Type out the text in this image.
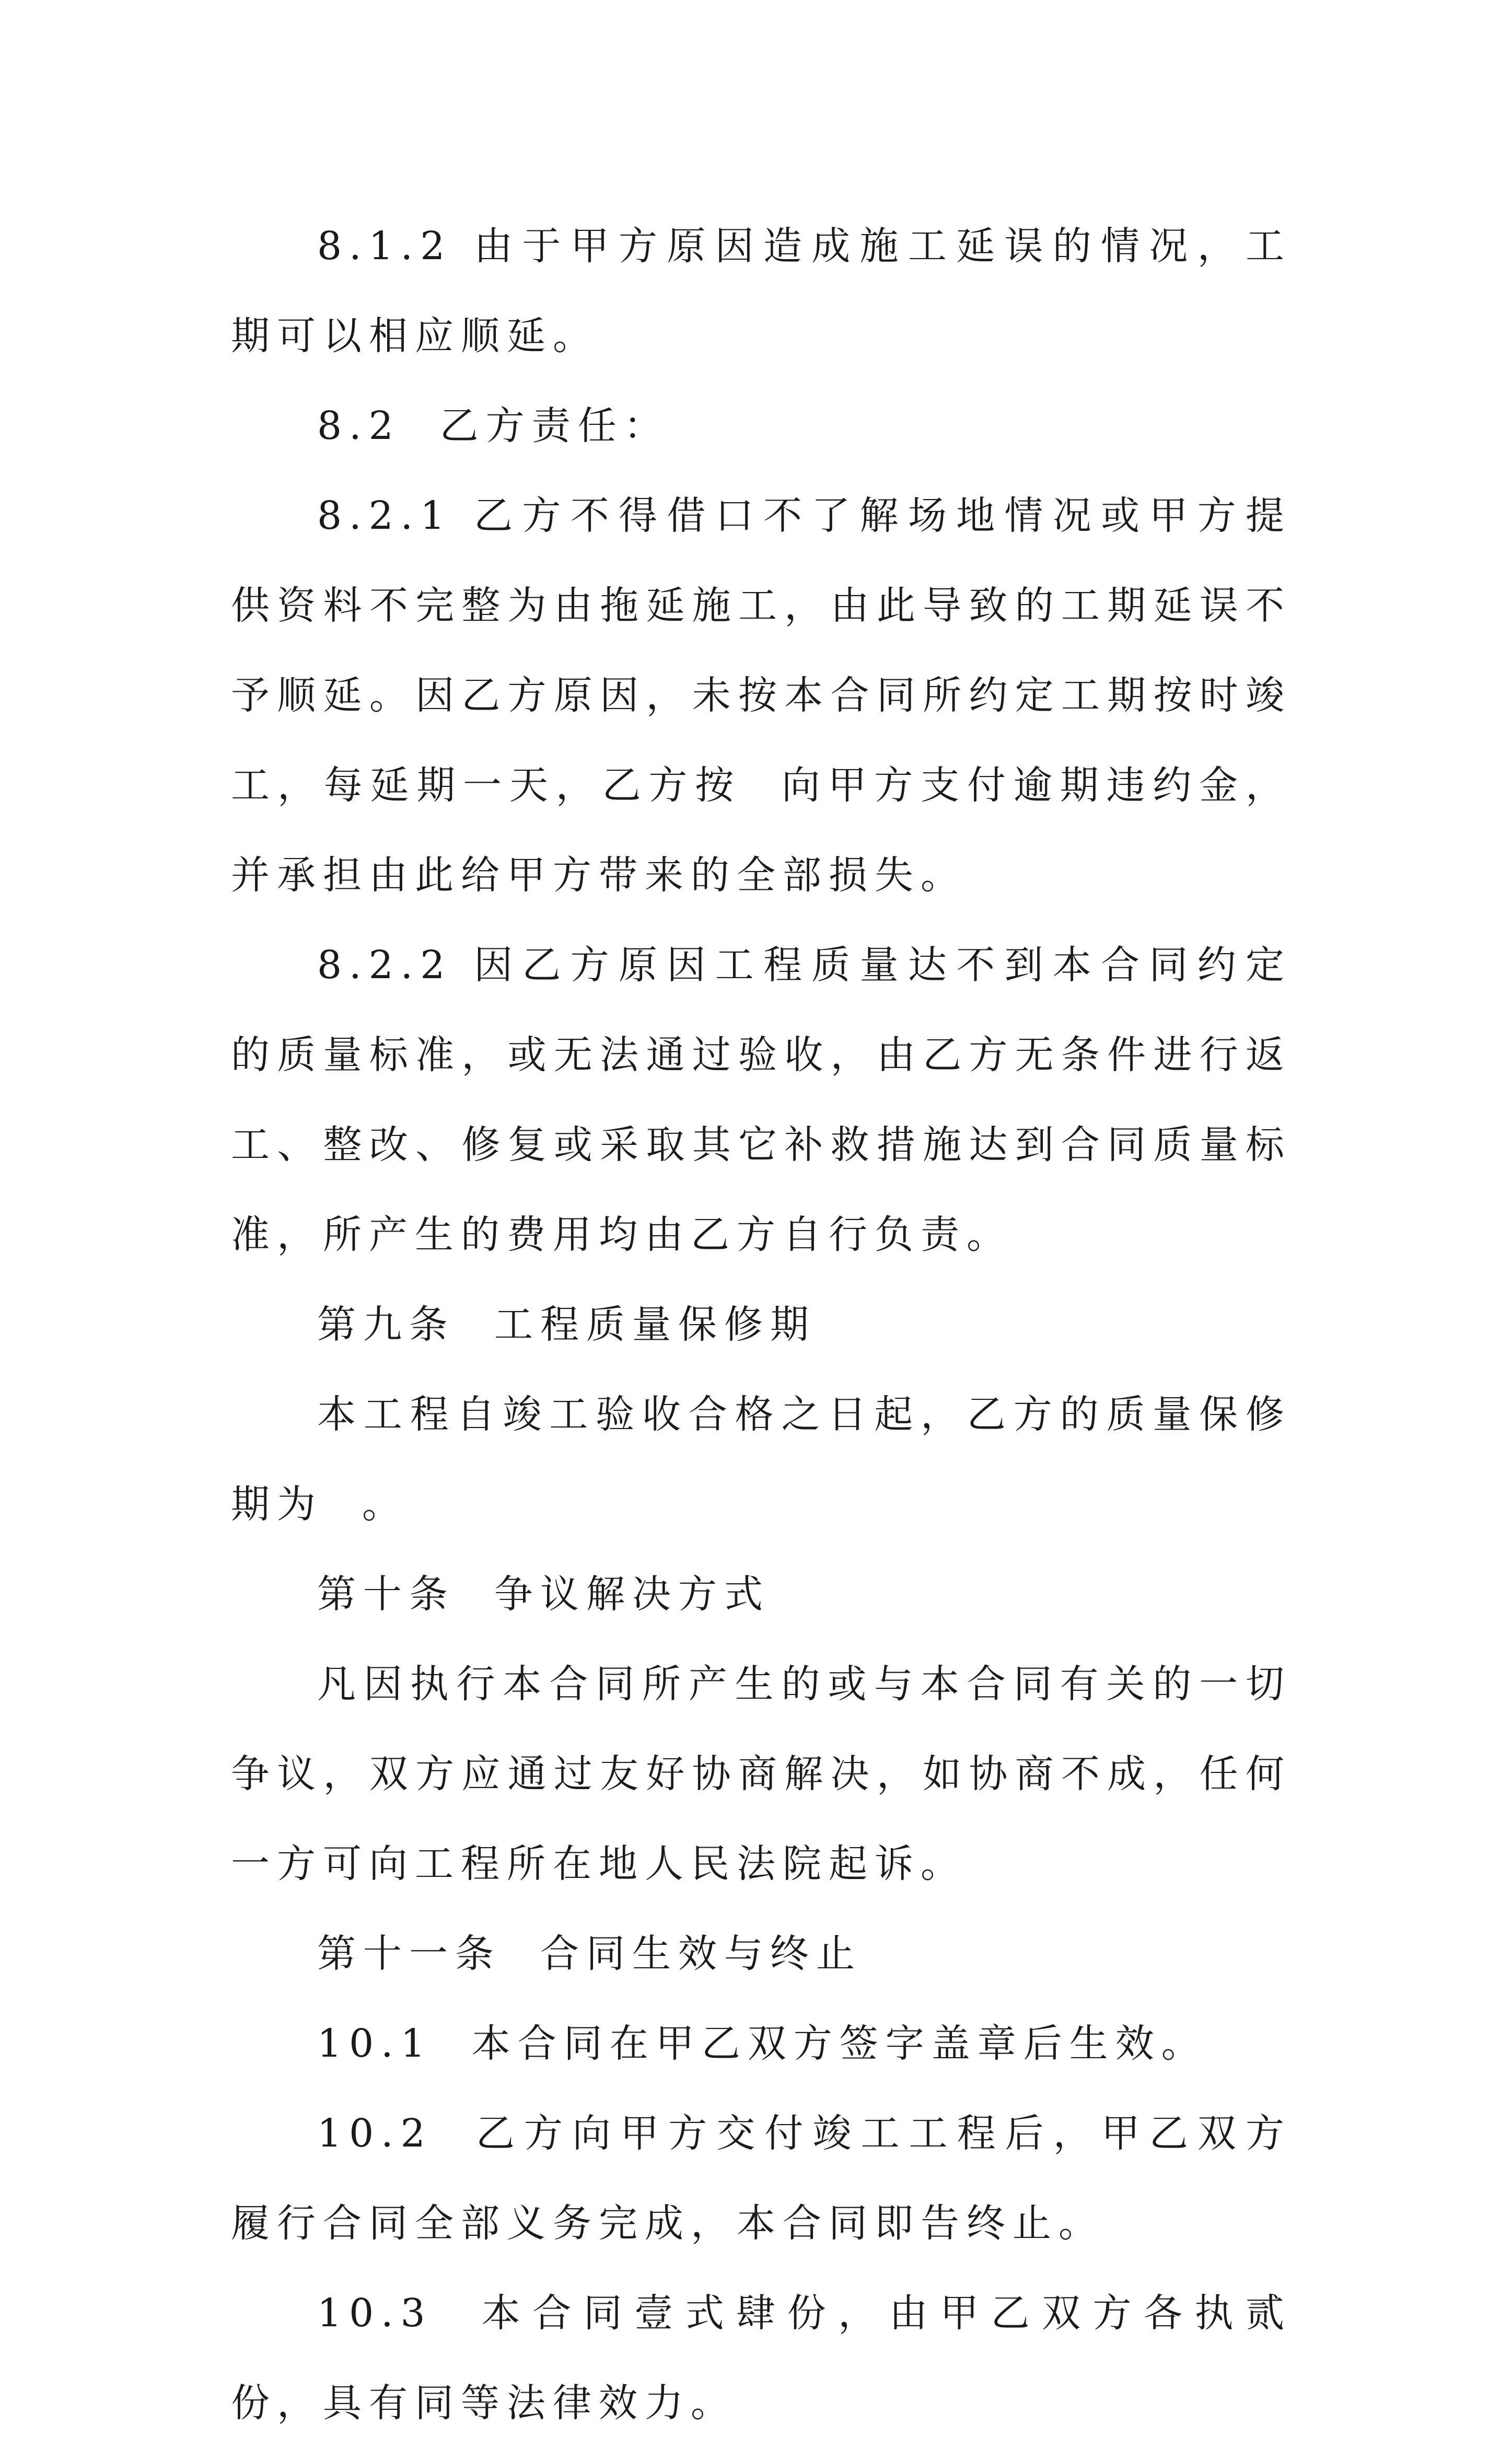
8.1.2 由于甲方原因造成施工延误的情况，工期可以相应顺延。

8.2  乙方责任：

8.2.1 乙方不得借口不了解场地情况或甲方提供资料不完整为由拖延施工，由此导致的工期延误不予顺延。因乙方原因，未按本合同所约定工期按时竣工，每延期一天，乙方按  向甲方支付逾期违约金，并承担由此给甲方带来的全部损失。

8.2.2 因乙方原因工程质量达不到本合同约定的质量标准，或无法通过验收，由乙方无条件进行返工、整改、修复或采取其它补救措施达到合同质量标准，所产生的费用均由乙方自行负责。

第九条  工程质量保修期

本工程自竣工验收合格之日起，乙方的质量保修期为  。

第十条  争议解决方式

凡因执行本合同所产生的或与本合同有关的一切争议，双方应通过友好协商解决，如协商不成，任何一方可向工程所在地人民法院起诉。

第十一条  合同生效与终止

10.1  本合同在甲乙双方签字盖章后生效。

10.2  乙方向甲方交付竣工工程后，甲乙双方履行合同全部义务完成，本合同即告终止。

10.3  本合同壹式肆份，由甲乙双方各执贰份，具有同等法律效力。
